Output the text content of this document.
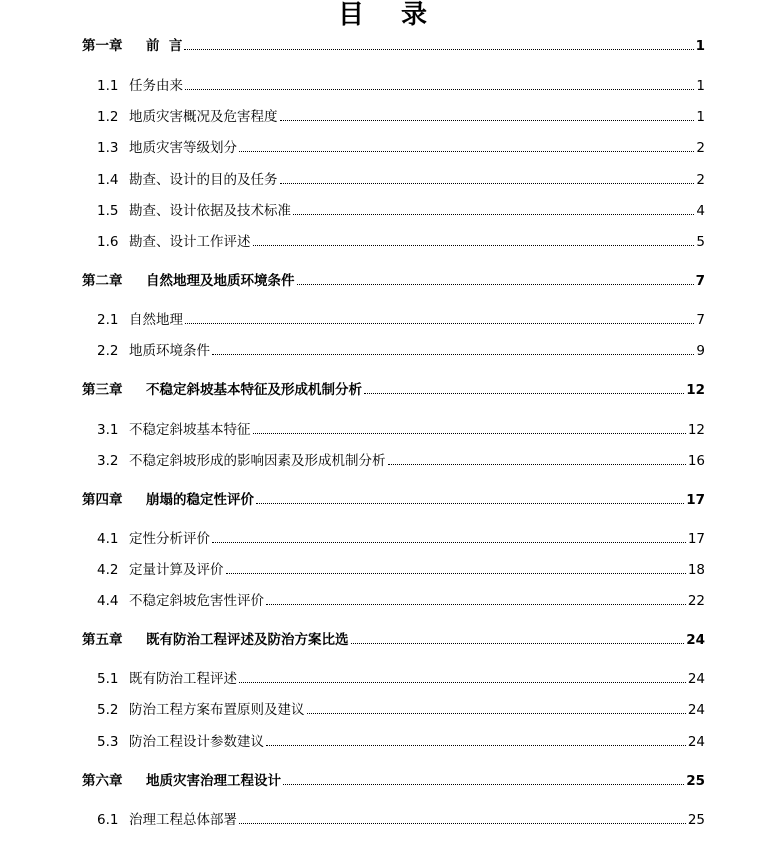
目 录
第一章	前  言	1
1.1 任务由来	1
1.2 地质灾害概况及危害程度	1
1.3 地质灾害等级划分	2
1.4 勘查、设计的目的及任务	2
1.5 勘查、设计依据及技术标准	4
1.6 勘查、设计工作评述	5
第二章	自然地理及地质环境条件	7
2.1 自然地理	7
2.2 地质环境条件	9
第三章	不稳定斜坡基本特征及形成机制分析	12
3.1 不稳定斜坡基本特征	12
3.2 不稳定斜坡形成的影响因素及形成机制分析	16
第四章	崩塌的稳定性评价	17
4.1 定性分析评价	17
4.2 定量计算及评价	18
4.4 不稳定斜坡危害性评价	22
第五章	既有防治工程评述及防治方案比选	24
5.1 既有防治工程评述	24
5.2 防治工程方案布置原则及建议	24
5.3 防治工程设计参数建议	24
第六章	地质灾害治理工程设计	25
6.1 治理工程总体部署	25
